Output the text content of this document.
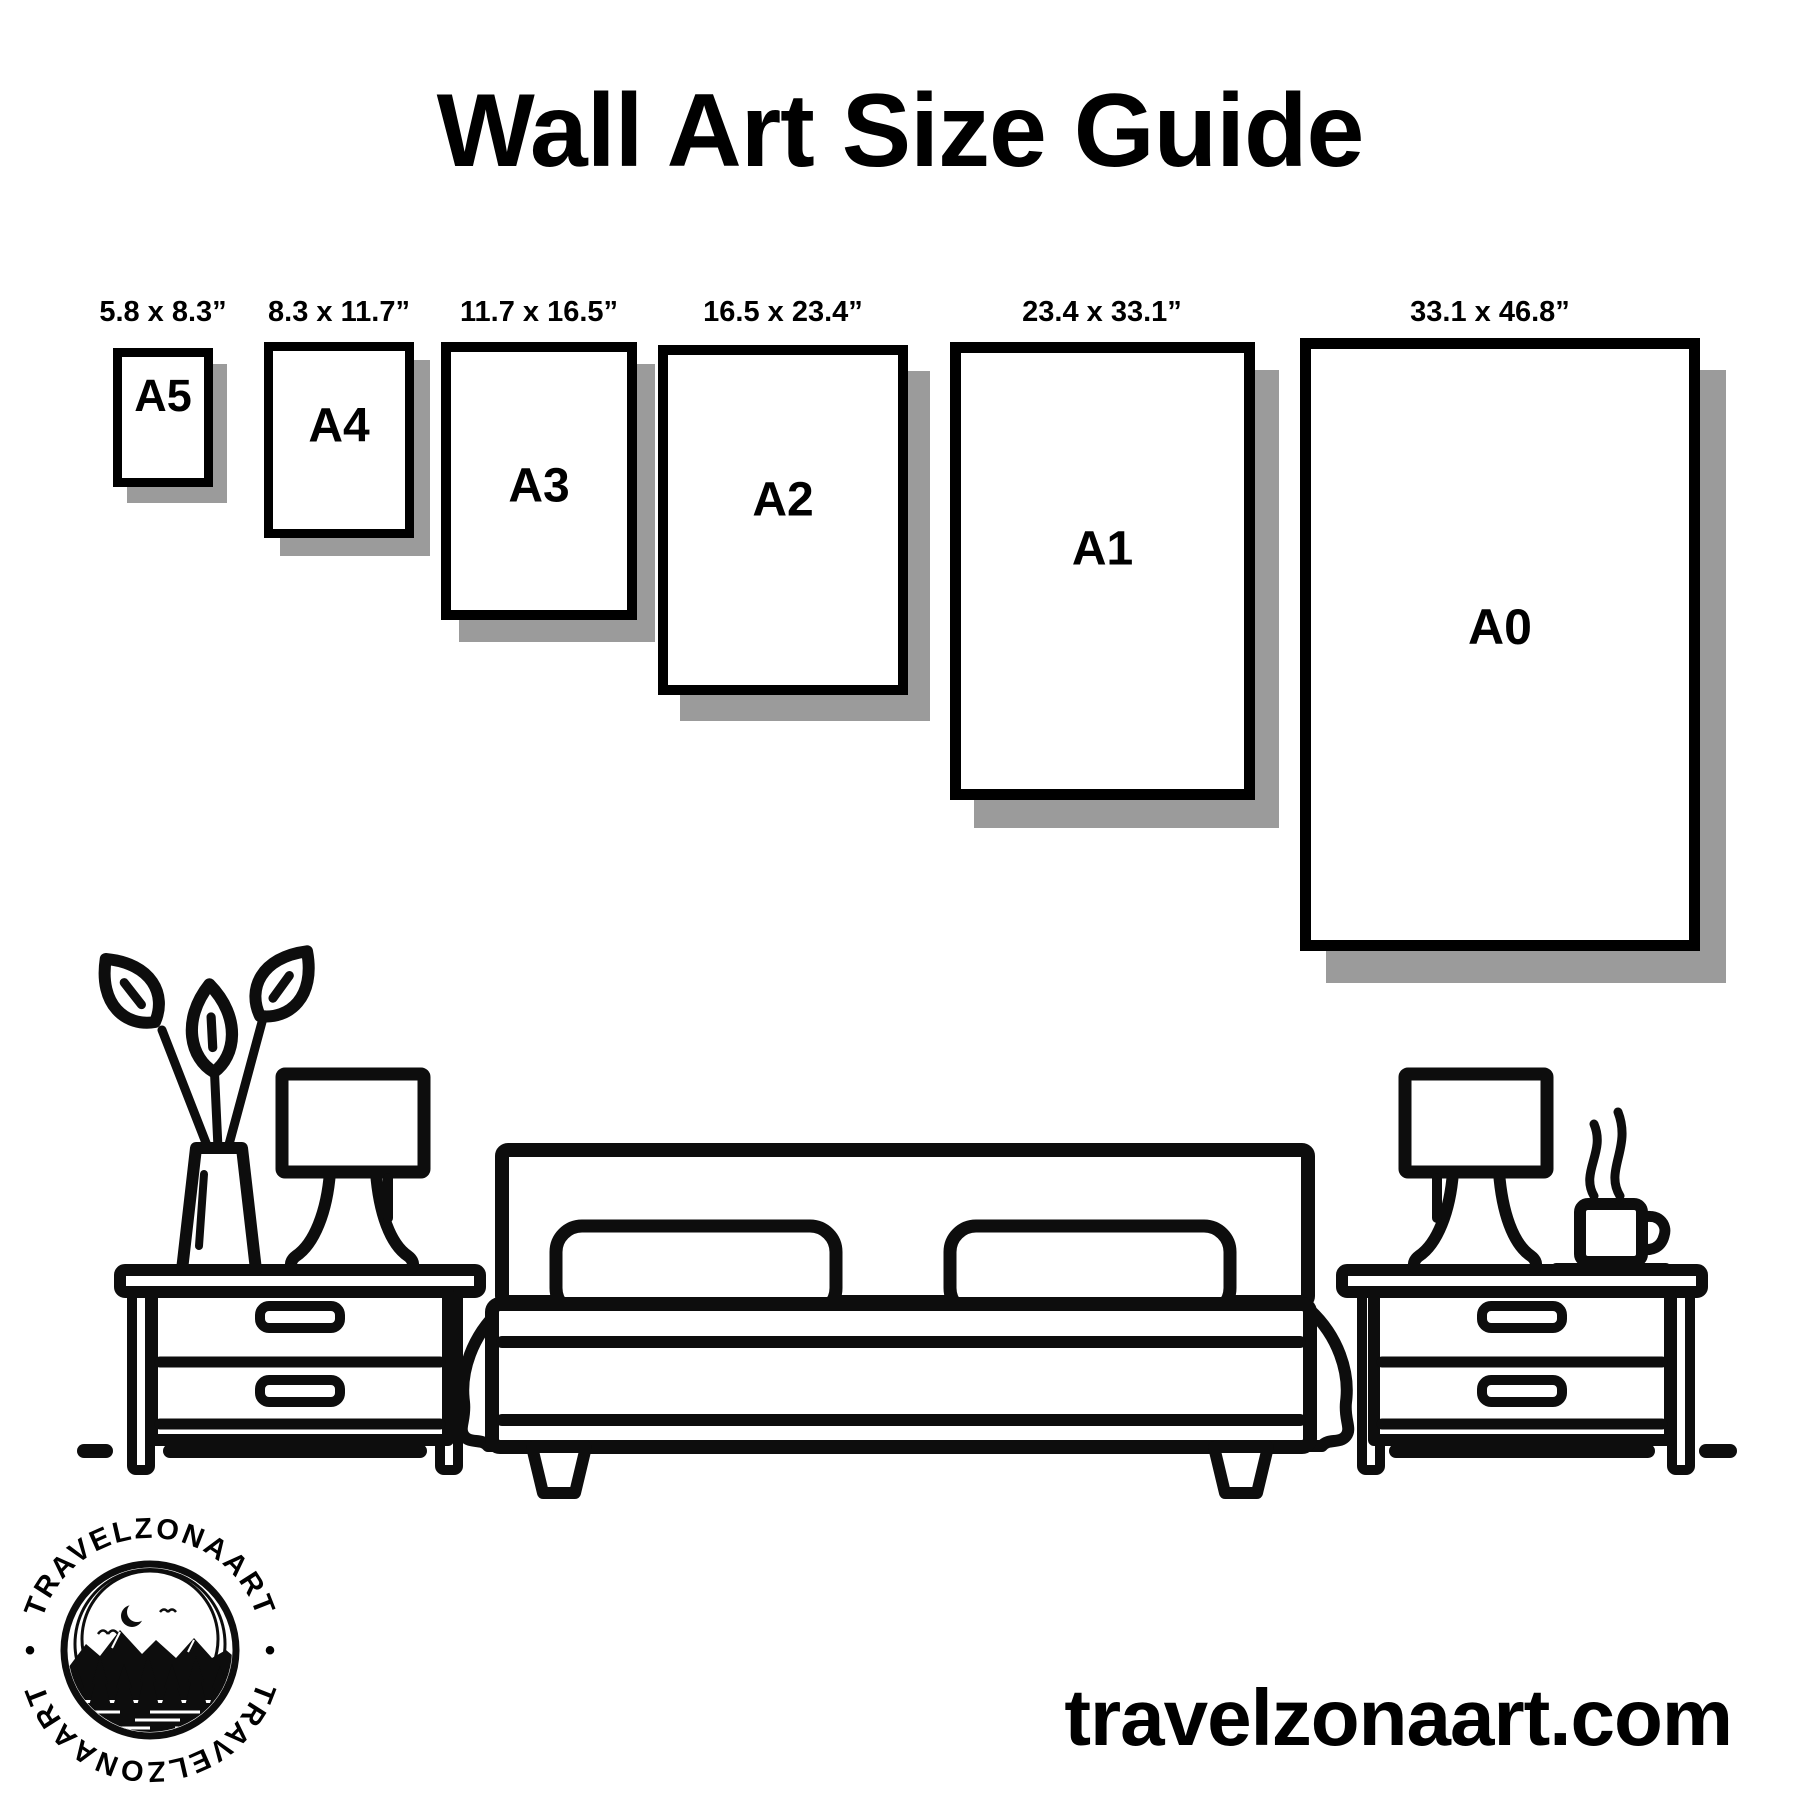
Wall Art Size Guide
5.8 x 8.3”	8.3 x 11.7”	11.7 x 16.5”	16.5 x 23.4”	23.4 x 33.1”	33.1 x 46.8”
A5
A4
A3	A2
A1
A0
TRAVELZONAART
TRAVELZONAART
•	•
travelzonaart.com
